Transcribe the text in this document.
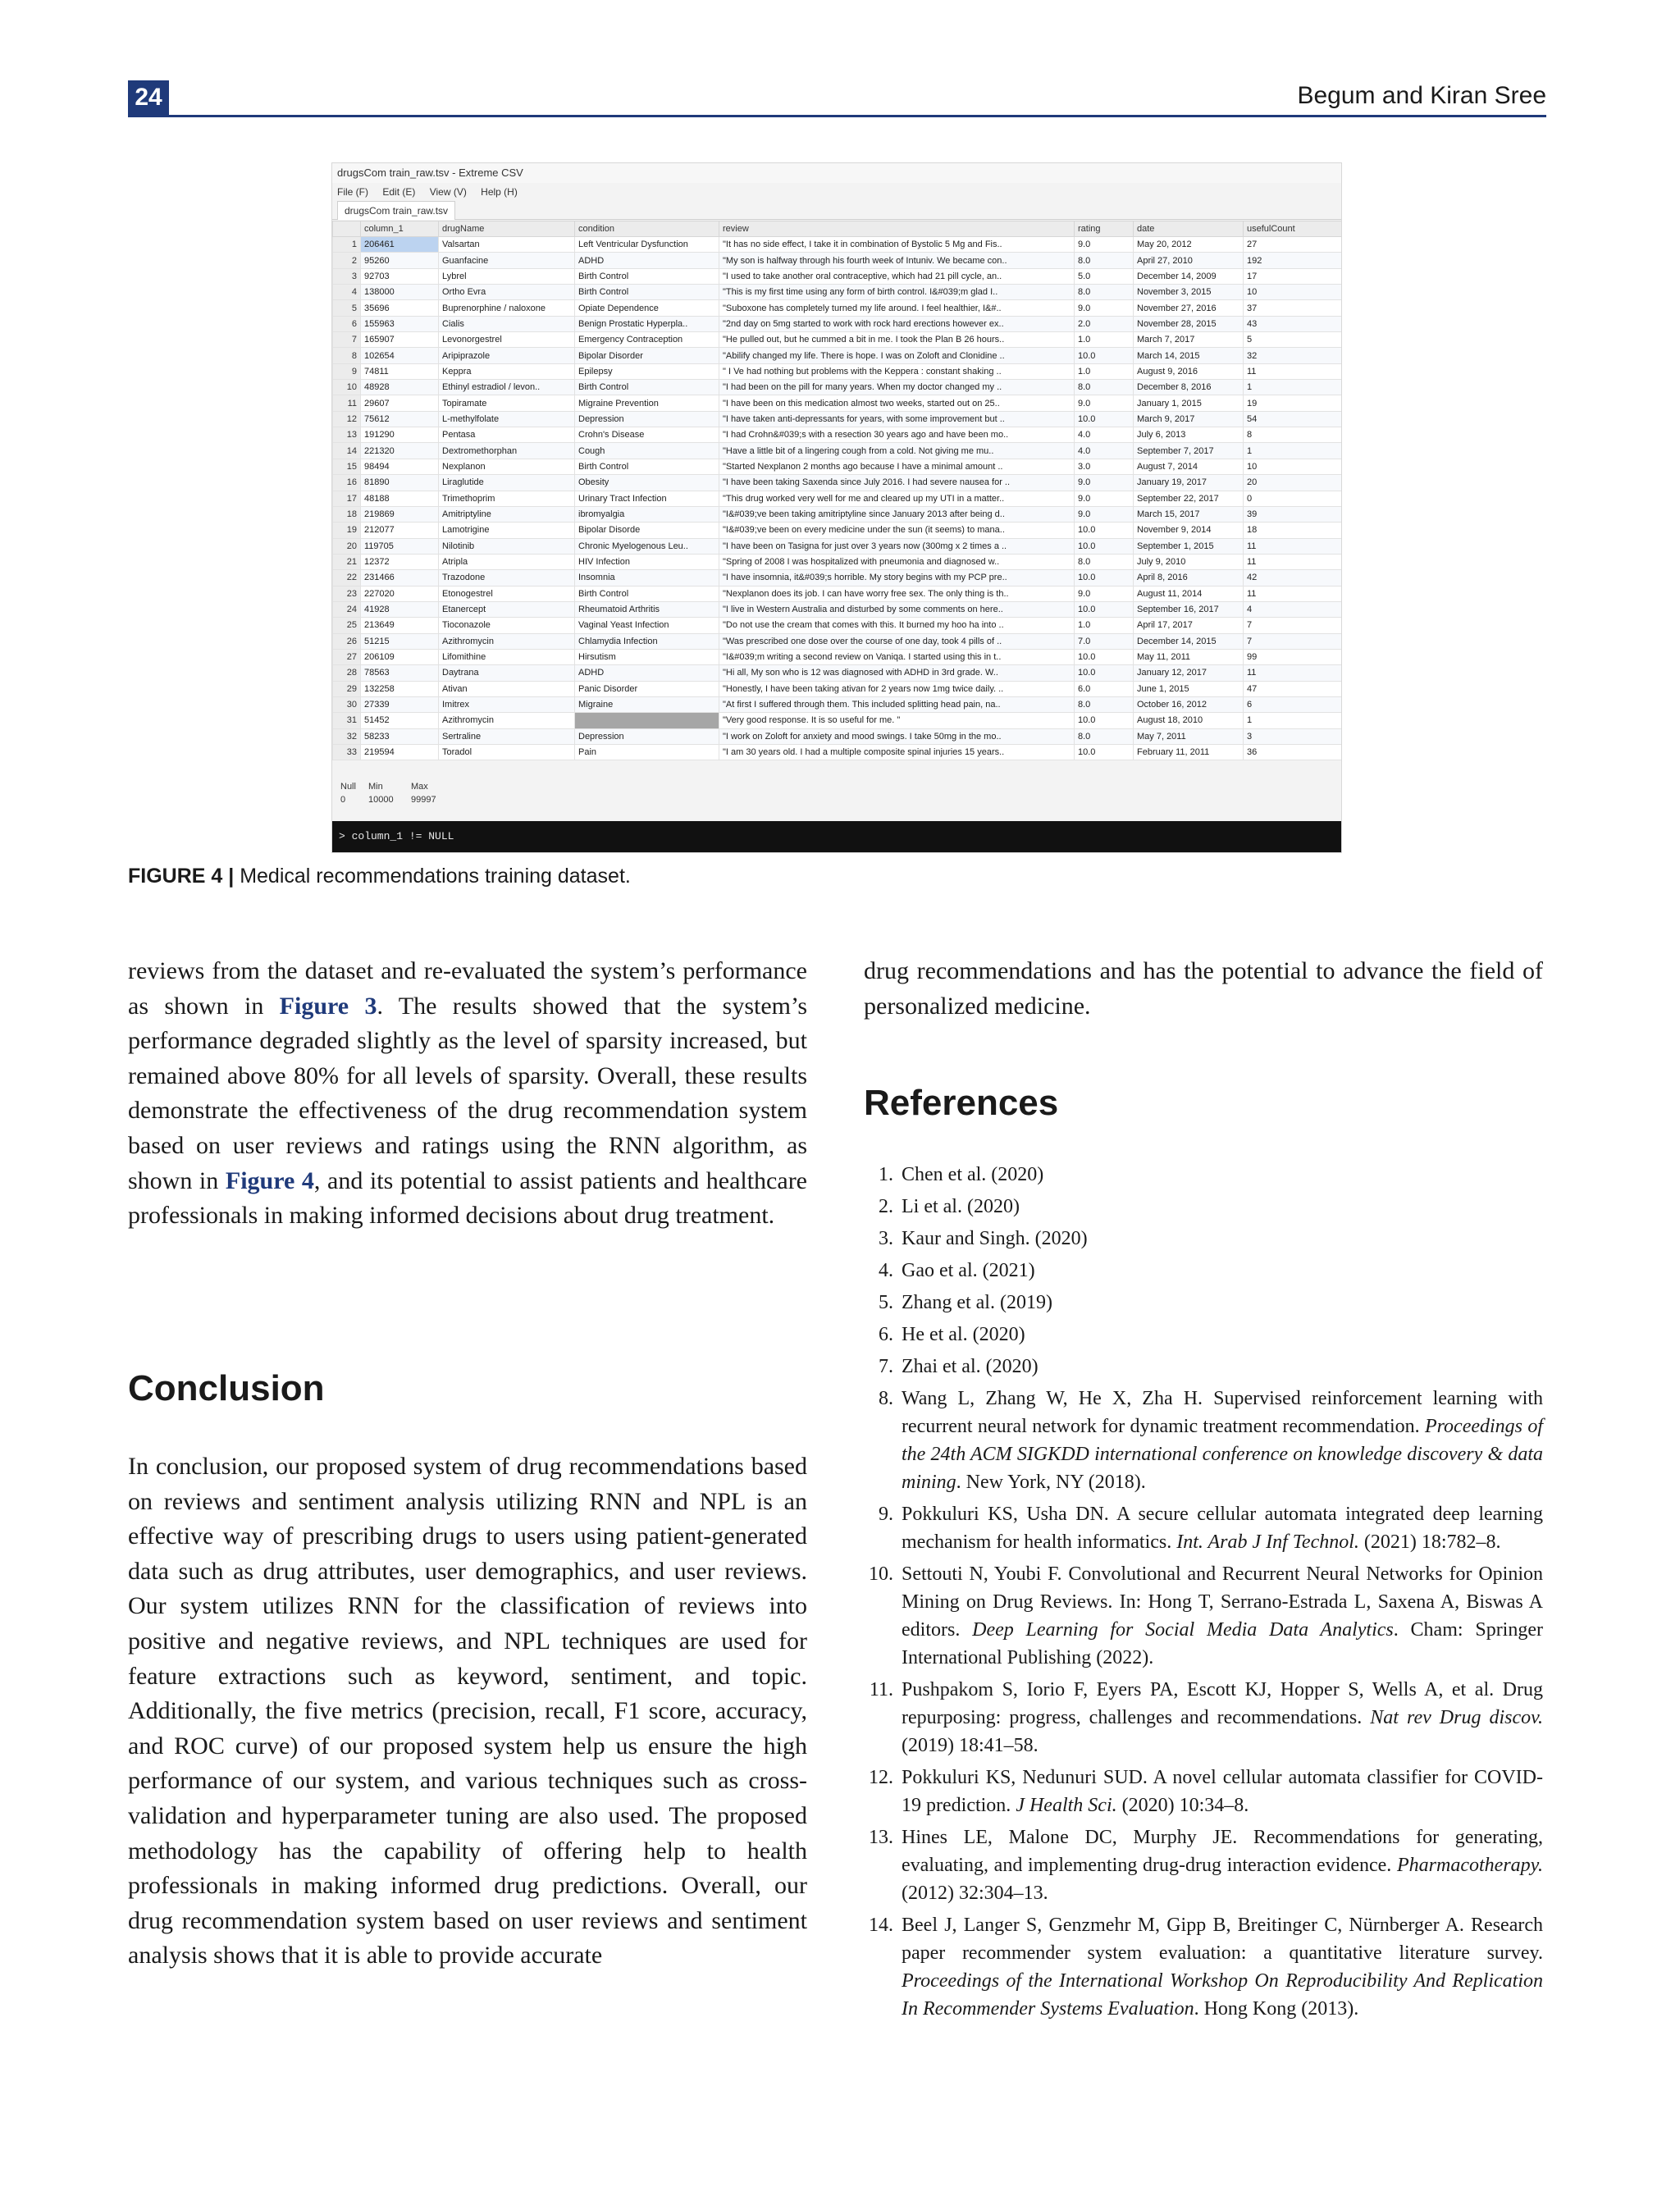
24	Begum and Kiran Sree
drugsCom train_raw.tsv - Extreme CSV
File (F) Edit (E) View (V) Help (H)
drugsCom train_raw.tsv
	column_1	drugName	condition	review	rating	date	usefulCount
1	206461	Valsartan	Left Ventricular Dysfunction	"It has no side effect, I take it in combination of Bystolic 5 Mg and Fis..	9.0	May 20, 2012	27
2	95260	Guanfacine	ADHD	"My son is halfway through his fourth week of Intuniv. We became con..	8.0	April 27, 2010	192
3	92703	Lybrel	Birth Control	"I used to take another oral contraceptive, which had 21 pill cycle, an..	5.0	December 14, 2009	17
4	138000	Ortho Evra	Birth Control	"This is my first time using any form of birth control. I&#039;m glad I..	8.0	November 3, 2015	10
5	35696	Buprenorphine / naloxone	Opiate Dependence	"Suboxone has completely turned my life around. I feel healthier, I&#..	9.0	November 27, 2016	37
6	155963	Cialis	Benign Prostatic Hyperpla..	"2nd day on 5mg started to work with rock hard erections however ex..	2.0	November 28, 2015	43
7	165907	Levonorgestrel	Emergency Contraception	"He pulled out, but he cummed a bit in me. I took the Plan B 26 hours..	1.0	March 7, 2017	5
8	102654	Aripiprazole	Bipolar Disorder	"Abilify changed my life. There is hope. I was on Zoloft and Clonidine ..	10.0	March 14, 2015	32
9	74811	Keppra	Epilepsy	" I Ve had nothing but problems with the Keppera : constant shaking ..	1.0	August 9, 2016	11
10	48928	Ethinyl estradiol / levon..	Birth Control	"I had been on the pill for many years. When my doctor changed my ..	8.0	December 8, 2016	1
11	29607	Topiramate	Migraine Prevention	"I have been on this medication almost two weeks, started out on 25..	9.0	January 1, 2015	19
12	75612	L-methylfolate	Depression	"I have taken anti-depressants for years, with some improvement but ..	10.0	March 9, 2017	54
13	191290	Pentasa	Crohn's Disease	"I had Crohn&#039;s with a resection 30 years ago and have been mo..	4.0	July 6, 2013	8
14	221320	Dextromethorphan	Cough	"Have a little bit of a lingering cough from a cold. Not giving me mu..	4.0	September 7, 2017	1
15	98494	Nexplanon	Birth Control	"Started Nexplanon 2 months ago because I have a minimal amount ..	3.0	August 7, 2014	10
16	81890	Liraglutide	Obesity	"I have been taking Saxenda since July 2016. I had severe nausea for ..	9.0	January 19, 2017	20
17	48188	Trimethoprim	Urinary Tract Infection	"This drug worked very well for me and cleared up my UTI in a matter..	9.0	September 22, 2017	0
18	219869	Amitriptyline	ibromyalgia	"I&#039;ve been taking amitriptyline since January 2013 after being d..	9.0	March 15, 2017	39
19	212077	Lamotrigine	Bipolar Disorde	"I&#039;ve been on every medicine under the sun (it seems) to mana..	10.0	November 9, 2014	18
20	119705	Nilotinib	Chronic Myelogenous Leu..	"I have been on Tasigna for just over 3 years now (300mg x 2 times a ..	10.0	September 1, 2015	11
21	12372	Atripla	HIV Infection	"Spring of 2008 I was hospitalized with pneumonia and diagnosed w..	8.0	July 9, 2010	11
22	231466	Trazodone	Insomnia	"I have insomnia, it&#039;s horrible. My story begins with my PCP pre..	10.0	April 8, 2016	42
23	227020	Etonogestrel	Birth Control	"Nexplanon does its job. I can have worry free sex. The only thing is th..	9.0	August 11, 2014	11
24	41928	Etanercept	Rheumatoid Arthritis	"I live in Western Australia and disturbed by some comments on here..	10.0	September 16, 2017	4
25	213649	Tioconazole	Vaginal Yeast Infection	"Do not use the cream that comes with this. It burned my hoo ha into ..	1.0	April 17, 2017	7
26	51215	Azithromycin	Chlamydia Infection	"Was prescribed one dose over the course of one day, took 4 pills of ..	7.0	December 14, 2015	7
27	206109	Lifomithine	Hirsutism	"I&#039;m writing a second review on Vaniqa. I started using this in t..	10.0	May 11, 2011	99
28	78563	Daytrana	ADHD	"Hi all, My son who is 12 was diagnosed with ADHD in 3rd grade. W..	10.0	January 12, 2017	11
29	132258	Ativan	Panic Disorder	"Honestly, I have been taking ativan for 2 years now 1mg twice daily. ..	6.0	June 1, 2015	47
30	27339	Imitrex	Migraine	"At first I suffered through them. This included splitting head pain, na..	8.0	October 16, 2012	6
31	51452	Azithromycin		"Very good response. It is so useful for me. "	10.0	August 18, 2010	1
32	58233	Sertraline	Depression	"I work on Zoloft for anxiety and mood swings. I take 50mg in the mo..	8.0	May 7, 2011	3
33	219594	Toradol	Pain	"I am 30 years old. I had a multiple composite spinal injuries 15 years..	10.0	February 11, 2011	36
Null
0
Min
10000
Max
99997
> column_1 != NULL
FIGURE 4 | Medical recommendations training dataset.
reviews from the dataset and re-evaluated the system’s performance as shown in Figure 3. The results showed that the system’s performance degraded slightly as the level of sparsity increased, but remained above 80% for all levels of sparsity. Overall, these results demonstrate the effectiveness of the drug recommendation system based on user reviews and ratings using the RNN algorithm, as shown in Figure 4, and its potential to assist patients and healthcare professionals in making informed decisions about drug treatment.
Conclusion
In conclusion, our proposed system of drug recommendations based on reviews and sentiment analysis utilizing RNN and NPL is an effective way of prescribing drugs to users using patient-generated data such as drug attributes, user demographics, and user reviews. Our system utilizes RNN for the classification of reviews into positive and negative reviews, and NPL techniques are used for feature extractions such as keyword, sentiment, and topic. Additionally, the five metrics (precision, recall, F1 score, accuracy, and ROC curve) of our proposed system help us ensure the high performance of our system, and various techniques such as cross-validation and hyperparameter tuning are also used. The proposed methodology has the capability of offering help to health professionals in making informed drug predictions. Overall, our drug recommendation system based on user reviews and sentiment analysis shows that it is able to provide accurate
drug recommendations and has the potential to advance the field of personalized medicine.
References
1. Chen et al. (2020)
2. Li et al. (2020)
3. Kaur and Singh. (2020)
4. Gao et al. (2021)
5. Zhang et al. (2019)
6. He et al. (2020)
7. Zhai et al. (2020)
8. Wang L, Zhang W, He X, Zha H. Supervised reinforcement learning with recurrent neural network for dynamic treatment recommendation. Proceedings of the 24th ACM SIGKDD international conference on knowledge discovery & data mining. New York, NY (2018).
9. Pokkuluri KS, Usha DN. A secure cellular automata integrated deep learning mechanism for health informatics. Int. Arab J Inf Technol. (2021) 18:782–8.
10. Settouti N, Youbi F. Convolutional and Recurrent Neural Networks for Opinion Mining on Drug Reviews. In: Hong T, Serrano-Estrada L, Saxena A, Biswas A editors. Deep Learning for Social Media Data Analytics. Cham: Springer International Publishing (2022).
11. Pushpakom S, Iorio F, Eyers PA, Escott KJ, Hopper S, Wells A, et al. Drug repurposing: progress, challenges and recommendations. Nat rev Drug discov. (2019) 18:41–58.
12. Pokkuluri KS, Nedunuri SUD. A novel cellular automata classifier for COVID-19 prediction. J Health Sci. (2020) 10:34–8.
13. Hines LE, Malone DC, Murphy JE. Recommendations for generating, evaluating, and implementing drug-drug interaction evidence. Pharmacotherapy. (2012) 32:304–13.
14. Beel J, Langer S, Genzmehr M, Gipp B, Breitinger C, Nürnberger A. Research paper recommender system evaluation: a quantitative literature survey. Proceedings of the International Workshop On Reproducibility And Replication In Recommender Systems Evaluation. Hong Kong (2013).
